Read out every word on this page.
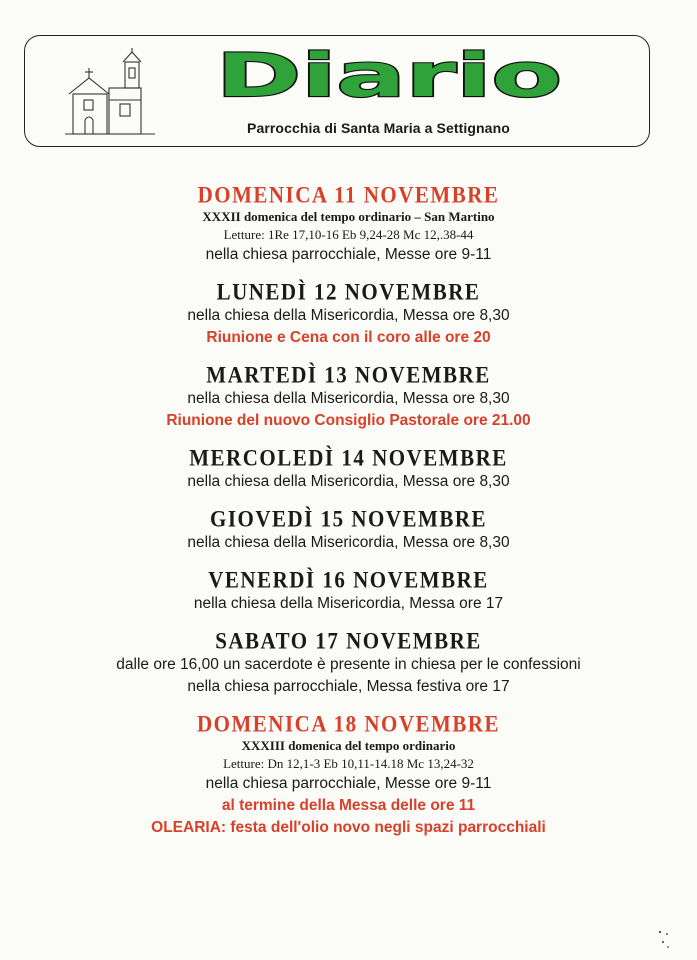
Diario
Parrocchia di Santa Maria a Settignano
DOMENICA 11 NOVEMBRE
XXXII domenica del tempo ordinario – San Martino
Letture: 1Re 17,10-16 Eb 9,24-28 Mc 12,.38-44
nella chiesa parrocchiale, Messe ore 9-11
LUNEDÌ 12 NOVEMBRE
nella chiesa della Misericordia, Messa ore 8,30
Riunione e Cena con il coro alle ore 20
MARTEDÌ 13 NOVEMBRE
nella chiesa della Misericordia, Messa ore 8,30
Riunione del nuovo Consiglio Pastorale ore 21.00
MERCOLEDÌ 14 NOVEMBRE
nella chiesa della Misericordia, Messa ore 8,30
GIOVEDÌ 15 NOVEMBRE
nella chiesa della Misericordia, Messa ore 8,30
VENERDÌ 16 NOVEMBRE
nella chiesa della Misericordia, Messa ore 17
SABATO 17 NOVEMBRE
dalle ore 16,00 un sacerdote è presente in chiesa per le confessioni
nella chiesa parrocchiale, Messa festiva ore 17
DOMENICA 18 NOVEMBRE
XXXIII domenica del tempo ordinario
Letture: Dn 12,1-3 Eb 10,11-14.18 Mc 13,24-32
nella chiesa parrocchiale, Messe ore 9-11
al termine della Messa delle ore 11
OLEARIA: festa dell'olio novo negli spazi parrocchiali
